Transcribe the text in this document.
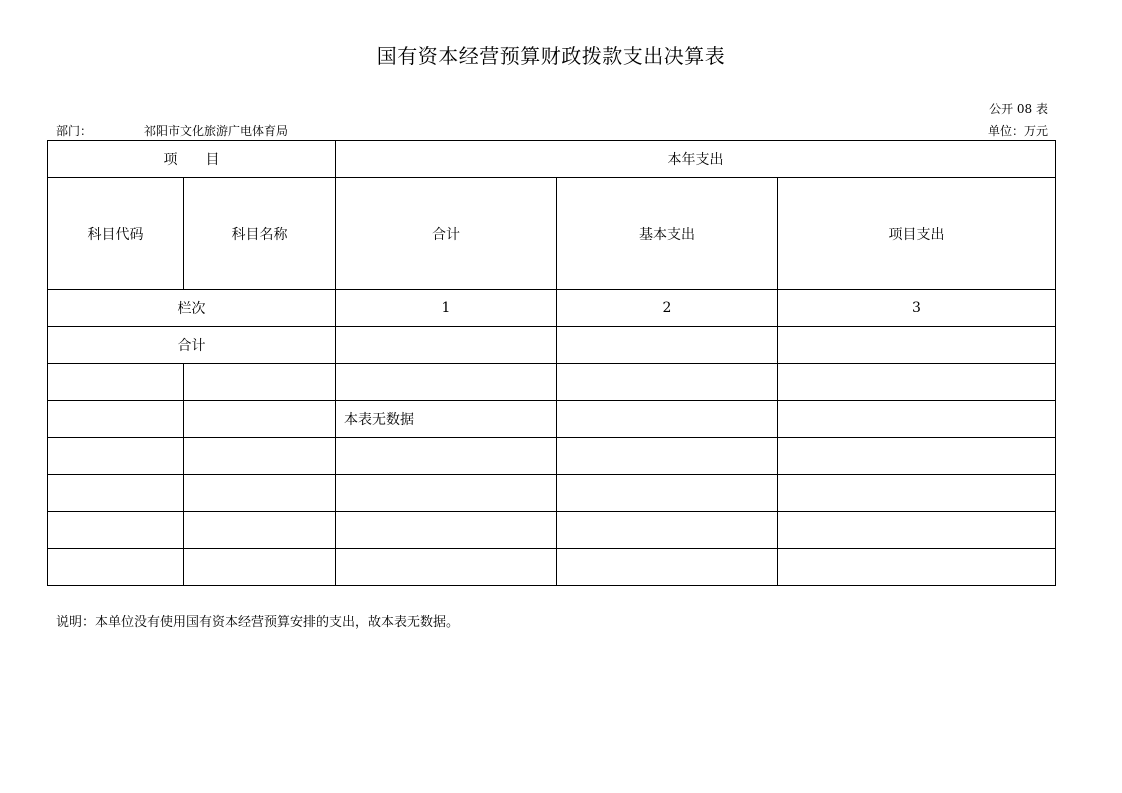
国有资本经营预算财政拨款支出决算表
公开 08 表
部门：	祁阳市文化旅游广电体育局	单位：万元
项　　目		本年支出		
科目代码	科目名称	合计	基本支出	项目支出
栏次		1	2	3
合计				

		本表无数据		

说明：本单位没有使用国有资本经营预算安排的支出，故本表无数据。
